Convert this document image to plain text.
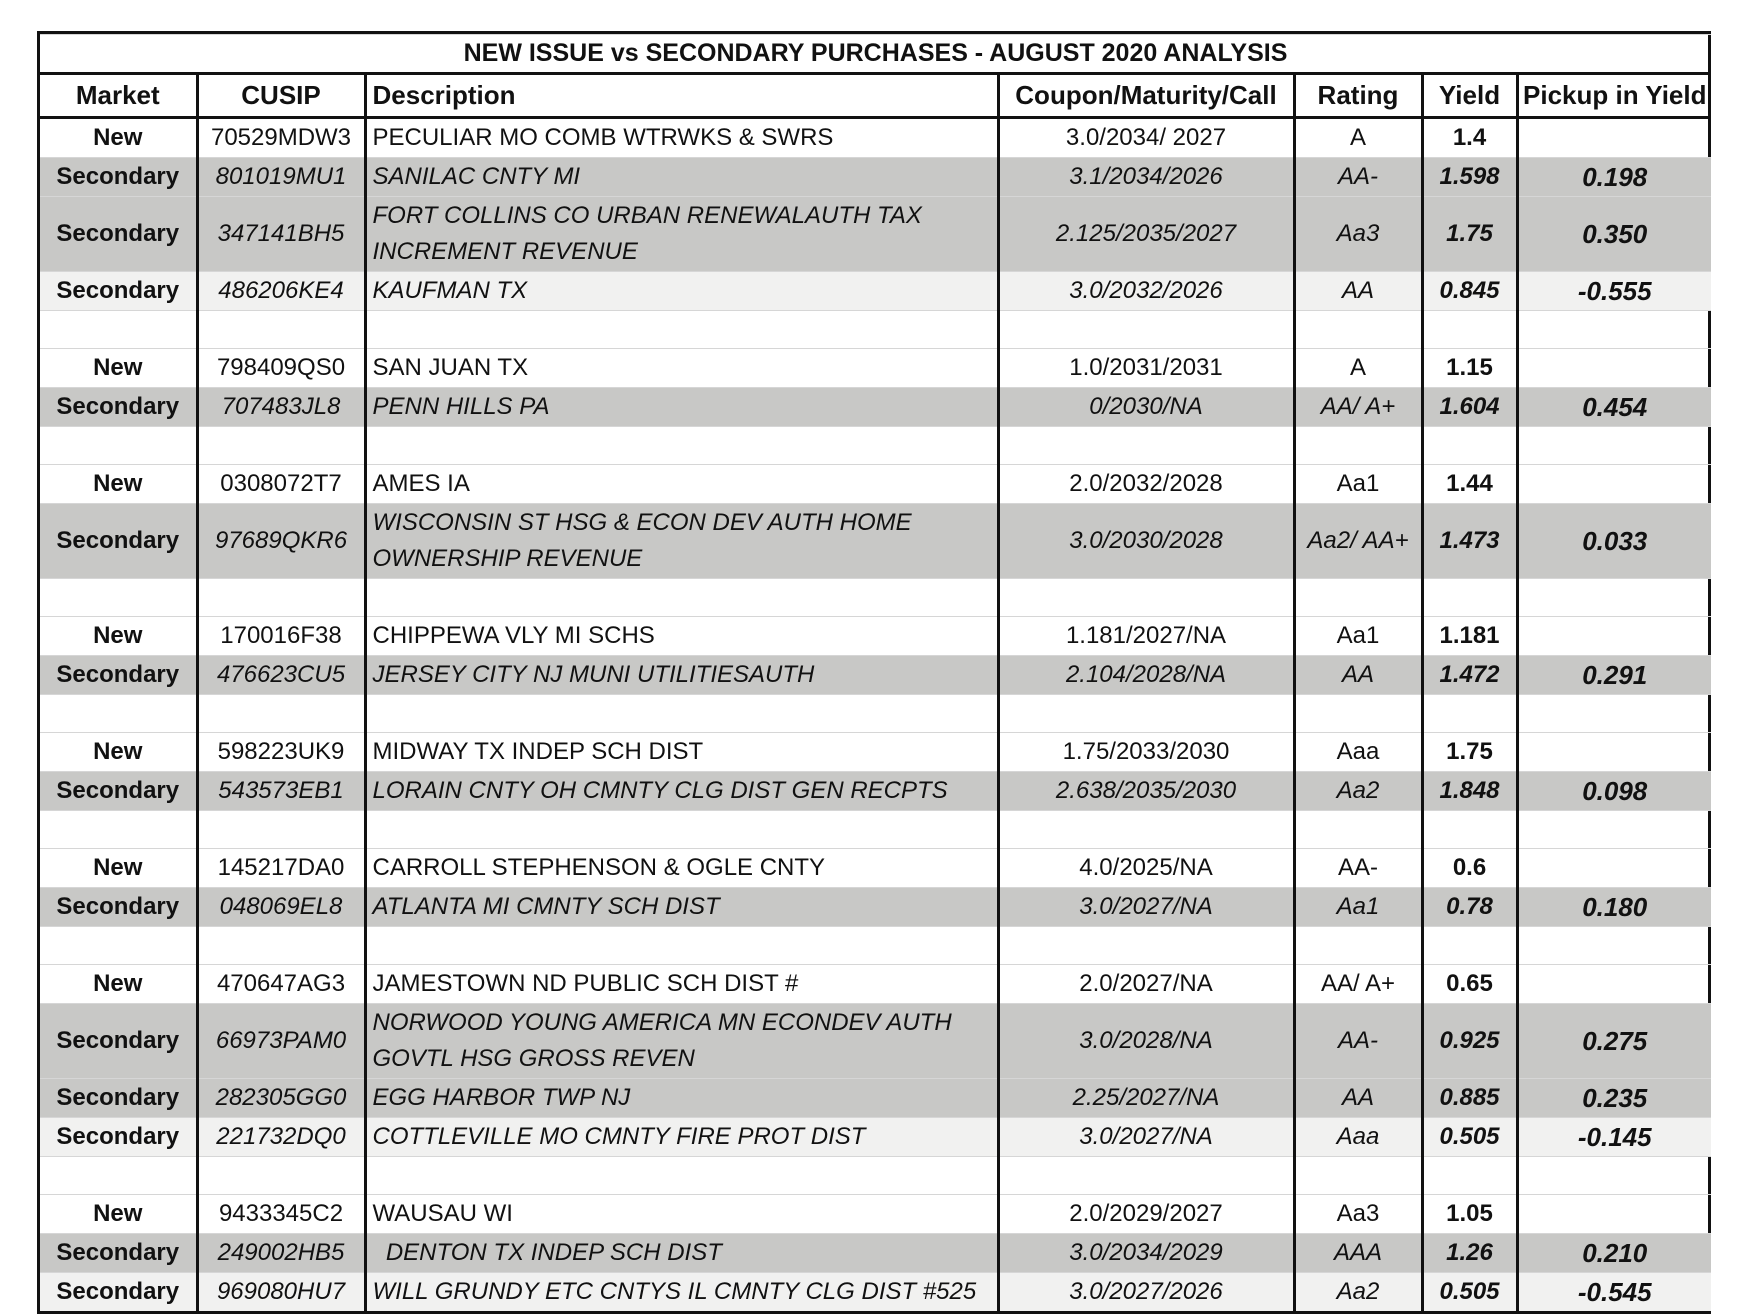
NEW ISSUE vs SECONDARY PURCHASES - AUGUST 2020 ANALYSIS						
Market	CUSIP	Description	Coupon/Maturity/Call	Rating	Yield	Pickup in Yield
New	70529MDW3	PECULIAR MO COMB WTRWKS & SWRS	3.0/2034/ 2027	A	1.4	
Secondary	801019MU1	SANILAC CNTY MI	3.1/2034/2026	AA-	1.598	0.198
Secondary	347141BH5	FORT COLLINS CO URBAN RENEWALAUTH TAX INCREMENT REVENUE	2.125/2035/2027	Aa3	1.75	0.350
Secondary	486206KE4	KAUFMAN TX	3.0/2032/2026	AA	0.845	-0.555

New	798409QS0	SAN JUAN TX	1.0/2031/2031	A	1.15	
Secondary	707483JL8	PENN HILLS PA	0/2030/NA	AA/ A+	1.604	0.454

New	0308072T7	AMES IA	2.0/2032/2028	Aa1	1.44	
Secondary	97689QKR6	WISCONSIN ST HSG & ECON DEV AUTH HOME OWNERSHIP REVENUE	3.0/2030/2028	Aa2/ AA+	1.473	0.033

New	170016F38	CHIPPEWA VLY MI SCHS	1.181/2027/NA	Aa1	1.181	
Secondary	476623CU5	JERSEY CITY NJ MUNI UTILITIESAUTH	2.104/2028/NA	AA	1.472	0.291

New	598223UK9	MIDWAY TX INDEP SCH DIST	1.75/2033/2030	Aaa	1.75	
Secondary	543573EB1	LORAIN CNTY OH CMNTY CLG DIST GEN RECPTS	2.638/2035/2030	Aa2	1.848	0.098

New	145217DA0	CARROLL STEPHENSON & OGLE CNTY	4.0/2025/NA	AA-	0.6	
Secondary	048069EL8	ATLANTA MI CMNTY SCH DIST	3.0/2027/NA	Aa1	0.78	0.180

New	470647AG3	JAMESTOWN ND PUBLIC SCH DIST #	2.0/2027/NA	AA/ A+	0.65	
Secondary	66973PAM0	NORWOOD YOUNG AMERICA MN ECONDEV AUTH GOVTL HSG GROSS REVEN	3.0/2028/NA	AA-	0.925	0.275
Secondary	282305GG0	EGG HARBOR TWP NJ	2.25/2027/NA	AA	0.885	0.235
Secondary	221732DQ0	COTTLEVILLE MO CMNTY FIRE PROT DIST	3.0/2027/NA	Aaa	0.505	-0.145

New	9433345C2	WAUSAU WI	2.0/2029/2027	Aa3	1.05	
Secondary	249002HB5	DENTON TX INDEP SCH DIST	3.0/2034/2029	AAA	1.26	0.210
Secondary	969080HU7	WILL GRUNDY ETC CNTYS IL CMNTY CLG DIST #525	3.0/2027/2026	Aa2	0.505	-0.545
